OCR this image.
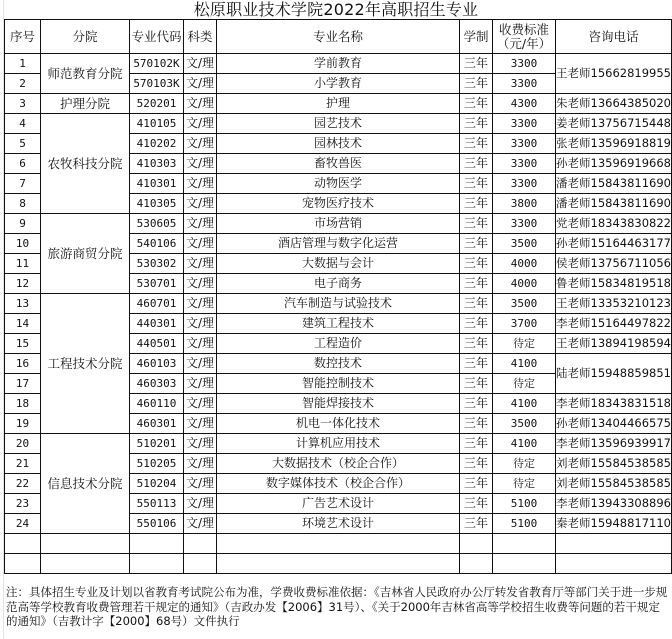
松原职业技术学院2022年高职招生专业
序号	分院	专业代码	科类	专业名称	学制	收费标准
（元/年）	咨询电话
1	师范教育分院	570102K	文/理	学前教育	三年	3300	王老师15662819955
2		570103K	文/理	小学教育	三年	3300	
3	护理分院	520201	文/理	护理	三年	4300	朱老师13664385020
4	农牧科技分院	410105	文/理	园艺技术	三年	3300	姜老师13756715448
5		410202	文/理	园林技术	三年	3300	张老师13596918819
6		410303	文/理	畜牧兽医	三年	3300	孙老师13596919668
7		410301	文/理	动物医学	三年	3300	潘老师15843811690
8		410305	文/理	宠物医疗技术	三年	3800	潘老师15843811690
9	旅游商贸分院	530605	文/理	市场营销	三年	3300	党老师18343830822
10		540106	文/理	酒店管理与数字化运营	三年	3500	孙老师15164463177
11		530302	文/理	大数据与会计	三年	4000	侯老师13756711056
12		530701	文/理	电子商务	三年	4000	鲁老师15834819518
13	工程技术分院	460701	文/理	汽车制造与试验技术	三年	3500	王老师13353210123
14		440301	文/理	建筑工程技术	三年	3700	李老师15164497822
15		440501	文/理	工程造价	三年	待定	王老师13894198594
16		460103	文/理	数控技术	三年	4100	陆老师15948859851
17		460303	文/理	智能控制技术	三年	待定	
18		460110	文/理	智能焊接技术	三年	4100	李老师18343831518
19		460301	文/理	机电一体化技术	三年	3500	孙老师13404466575
20	信息技术分院	510201	文/理	计算机应用技术	三年	4100	李老师13596939917
21		510205	文/理	大数据技术（校企合作）	三年	待定	刘老师15584538585
22		510204	文/理	数字媒体技术（校企合作）	三年	待定	刘老师15584538585
23		550113	文/理	广告艺术设计	三年	5100	李老师13943308896
24		550106	文/理	环境艺术设计	三年	5100	秦老师15948817110

注：具体招生专业及计划以省教育考试院公布为准，学费收费标准依据：《吉林省人民政府办公厅转发省教育厅等部门关于进一步规范高等学校教育收费管理若干规定的通知》（吉政办发【2006】31号）、《关于2000年吉林省高等学校招生收费等问题的若干规定的通知》（吉教计字【2000】68号）文件执行
